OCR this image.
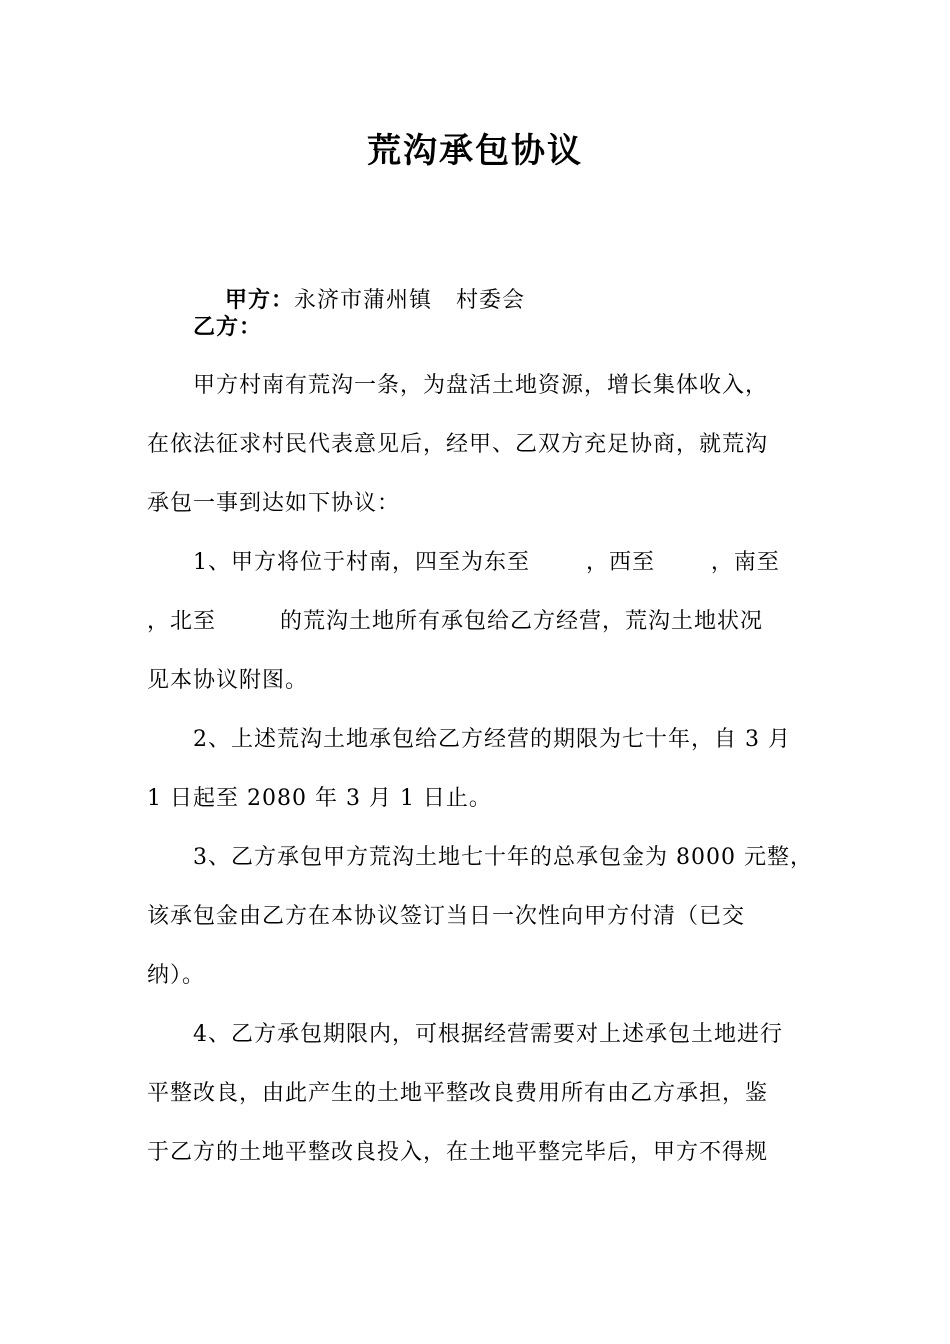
荒沟承包协议

甲方：永济市蒲州镇   村委会

乙方：
甲方村南有荒沟一条，为盘活土地资源，增长集体收入，
在依法征求村民代表意见后，经甲、乙双方充足协商，就荒沟
承包一事到达如下协议：
1、甲方将位于村南，四至为东至       ，西至       ，南至
，北至        的荒沟土地所有承包给乙方经营，荒沟土地状况
见本协议附图。
2、上述荒沟土地承包给乙方经营的期限为七十年，自 3 月
1 日起至 2080 年 3 月 1 日止。
3、乙方承包甲方荒沟土地七十年的总承包金为 8000 元整，
该承包金由乙方在本协议签订当日一次性向甲方付清（已交
纳）。
4、乙方承包期限内，可根据经营需要对上述承包土地进行
平整改良，由此产生的土地平整改良费用所有由乙方承担，鉴
于乙方的土地平整改良投入，在土地平整完毕后，甲方不得规
